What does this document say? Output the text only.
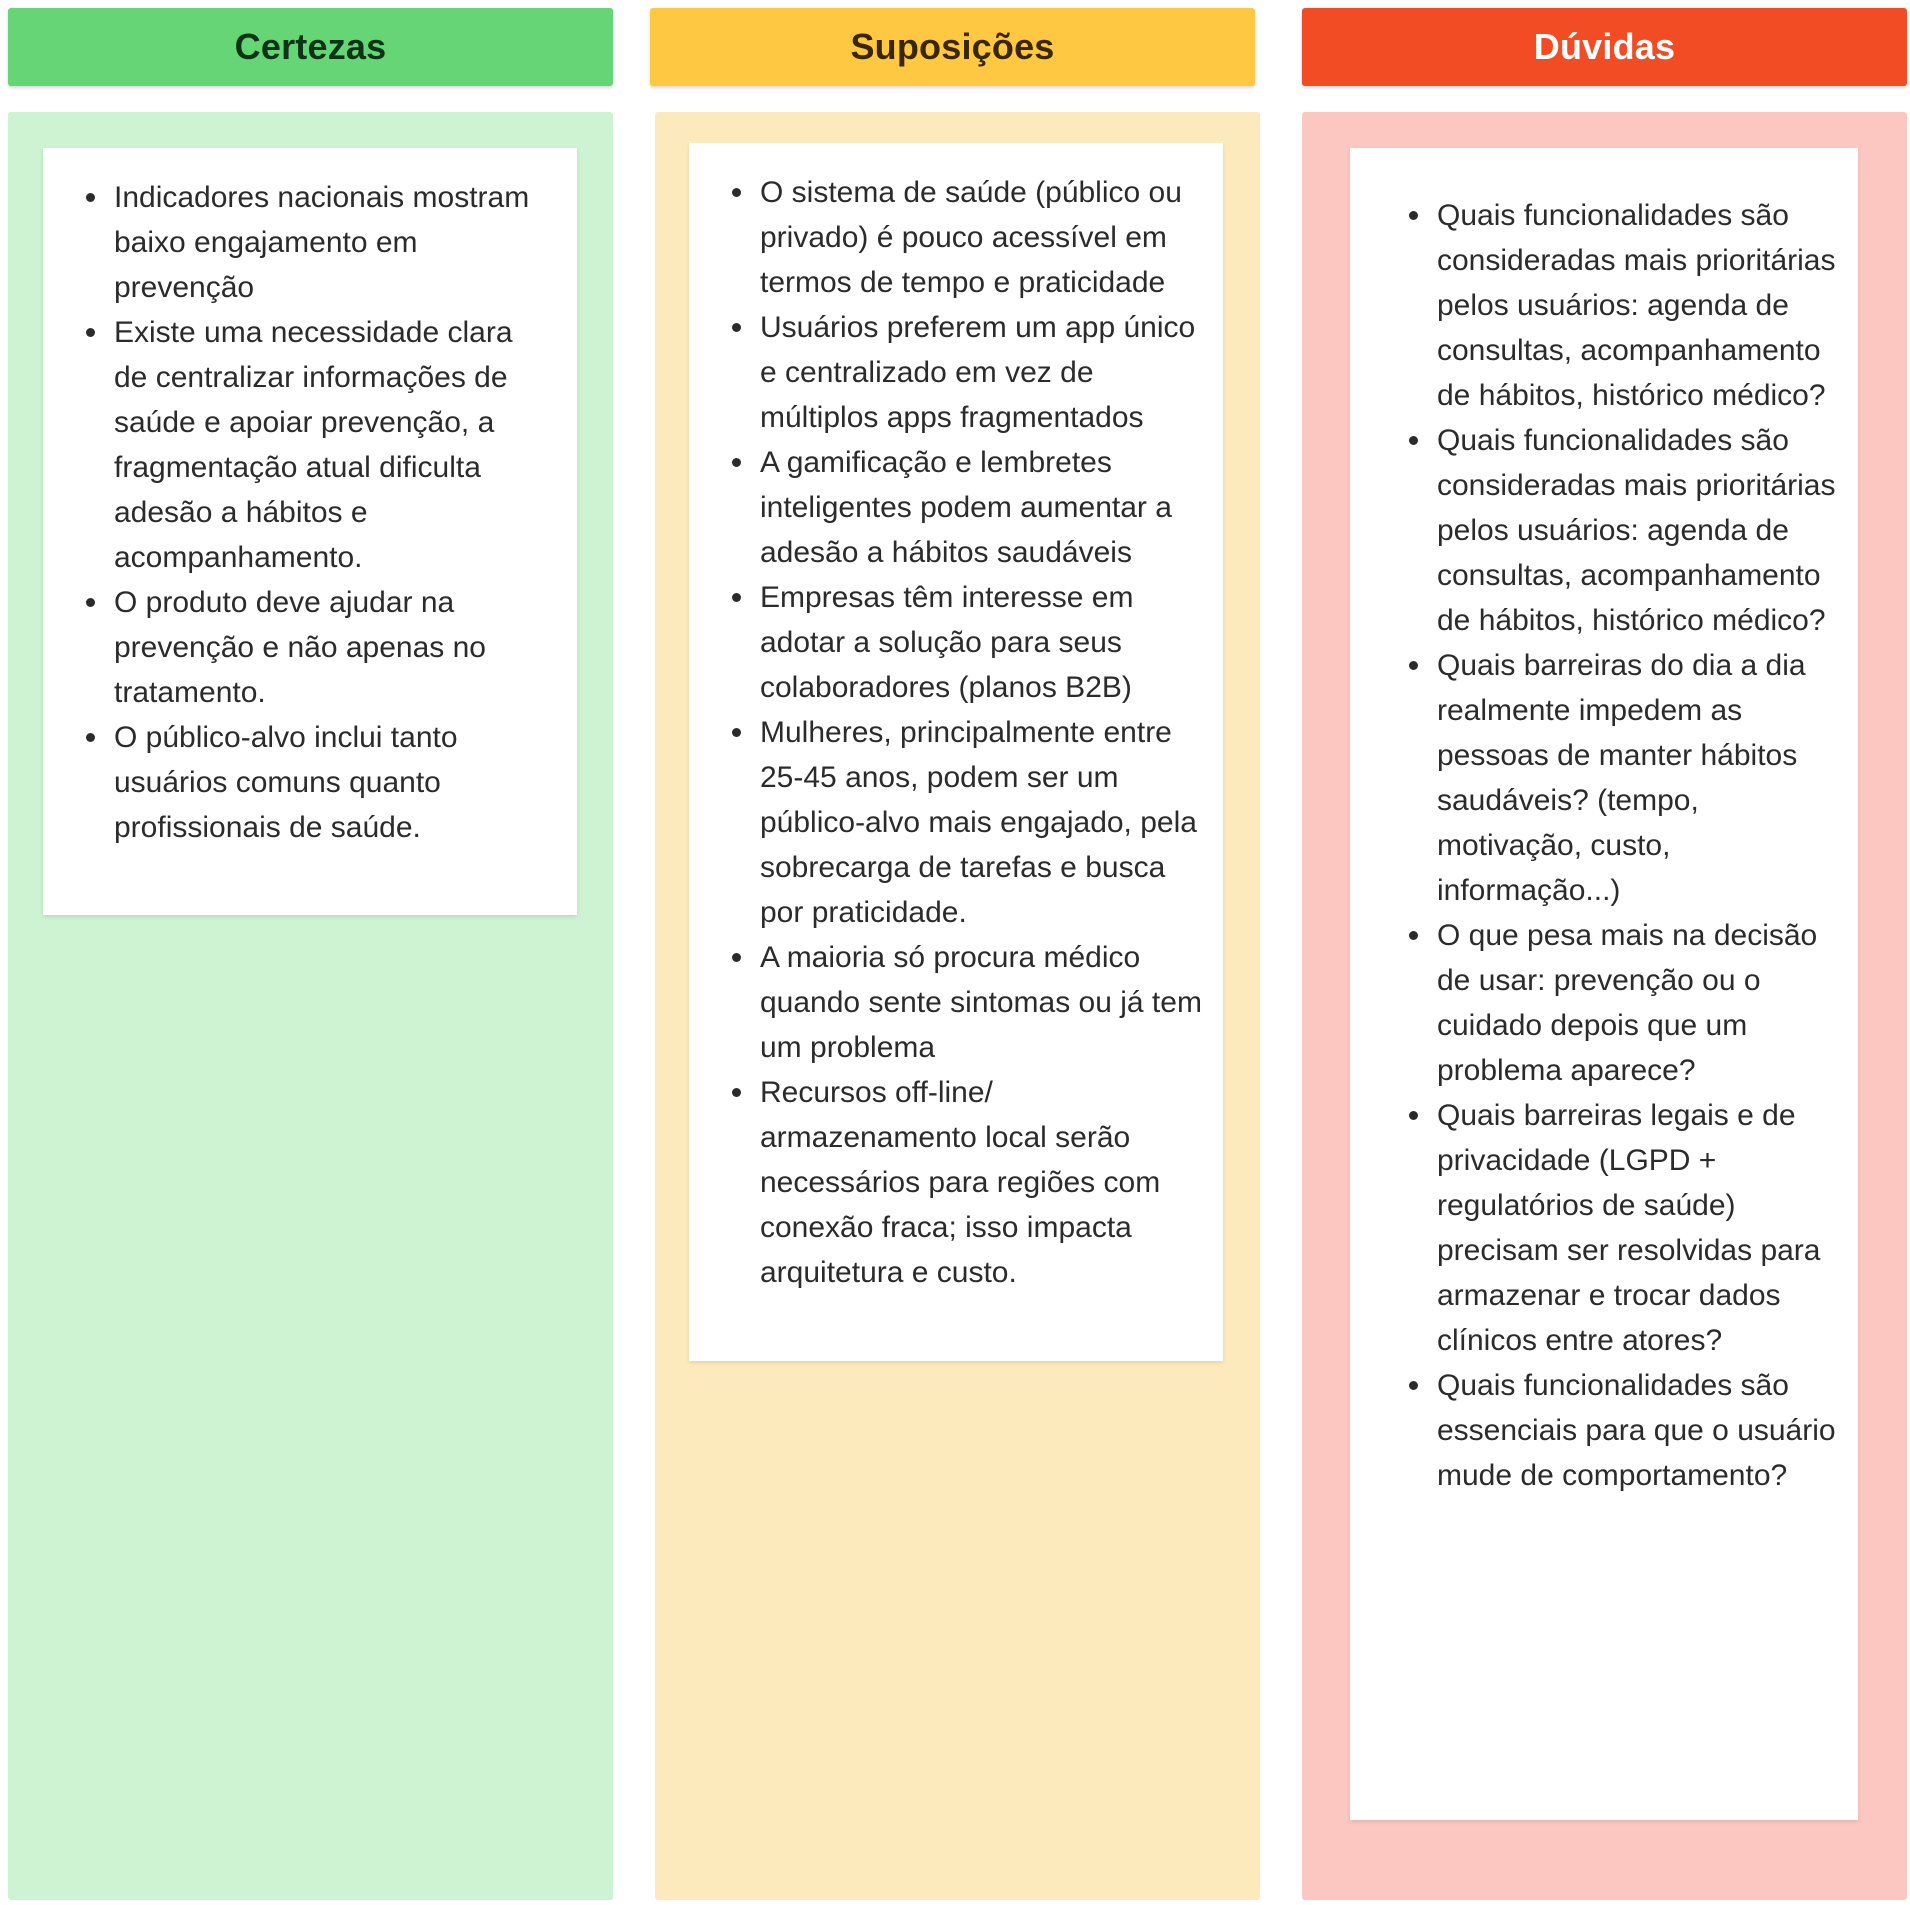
Certezas	Suposições	Dúvidas
Indicadores nacionais mostram baixo engajamento em prevenção
Existe uma necessidade clara de centralizar informações de saúde e apoiar prevenção, a fragmentação atual dificulta adesão a hábitos e acompanhamento.
O produto deve ajudar na prevenção e não apenas no tratamento.
O público-alvo inclui tanto usuários comuns quanto profissionais de saúde.
O sistema de saúde (público ou privado) é pouco acessível em termos de tempo e praticidade
Usuários preferem um app único e centralizado em vez de múltiplos apps fragmentados
A gamificação e lembretes inteligentes podem aumentar a adesão a hábitos saudáveis
Empresas têm interesse em adotar a solução para seus colaboradores (planos B2B)
Mulheres, principalmente entre 25-45 anos, podem ser um público-alvo mais engajado, pela sobrecarga de tarefas e busca por praticidade.
A maioria só procura médico quando sente sintomas ou já tem um problema
Recursos off-line/ armazenamento local serão necessários para regiões com conexão fraca; isso impacta arquitetura e custo.
Quais funcionalidades são consideradas mais prioritárias pelos usuários: agenda de consultas, acompanhamento de hábitos, histórico médico?
Quais funcionalidades são consideradas mais prioritárias pelos usuários: agenda de consultas, acompanhamento de hábitos, histórico médico?
Quais barreiras do dia a dia realmente impedem as pessoas de manter hábitos saudáveis? (tempo, motivação, custo, informação...)
O que pesa mais na decisão de usar: prevenção ou o cuidado depois que um problema aparece?
Quais barreiras legais e de privacidade (LGPD + regulatórios de saúde) precisam ser resolvidas para armazenar e trocar dados clínicos entre atores?
Quais funcionalidades são essenciais para que o usuário mude de comportamento?
